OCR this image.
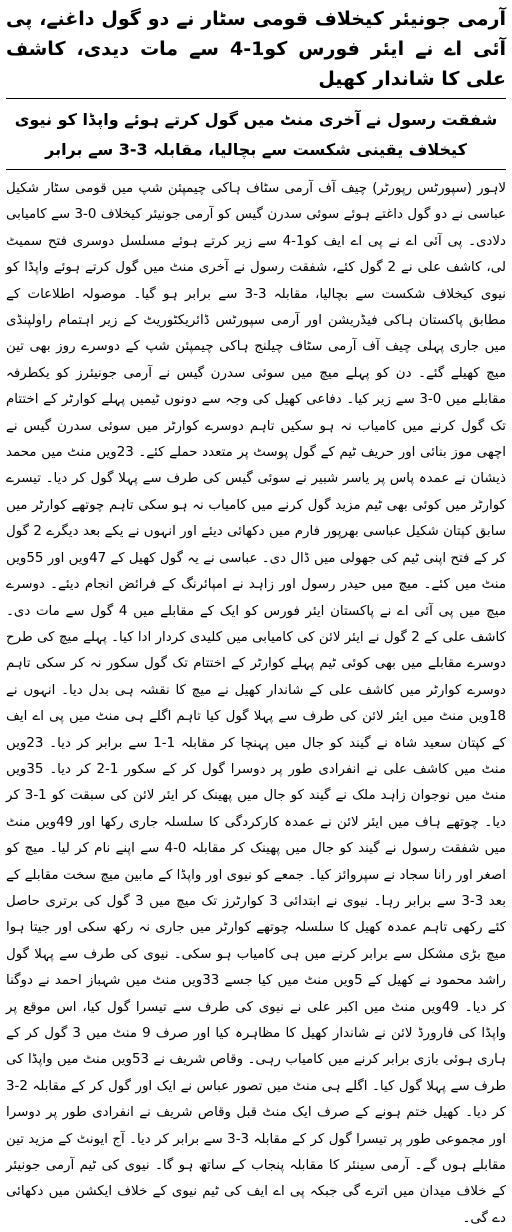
آرمی جونیئر کیخلاف قومی سٹار نے دو گول داغنے، پی آئی اے نے ایئر فورس کو1-4 سے مات دیدی، کاشف علی کا شاندار کھیل
شفقت رسول نے آخری منٹ میں گول کرتے ہوئے واپڈا کو نیوی کیخلاف یقینی شکست سے بچالیا، مقابلہ 3-3 سے برابر

لاہور (سپورٹس رپورٹر) چیف آف آرمی سٹاف ہاکی چیمپئن شپ میں قومی سٹار شکیل عباسی نے دو گول داغتے ہوئے سوئی سدرن گیس کو آرمی جونیئر کیخلاف 0-3 سے کامیابی دلادی۔ پی آئی اے نے پی اے ایف کو1-4 سے زیر کرتے ہوئے مسلسل دوسری فتح سمیٹ لی، کاشف علی نے 2 گول کئے، شفقت رسول نے آخری منٹ میں گول کرتے ہوئے واپڈا کو نیوی کیخلاف شکست سے بچالیا، مقابلہ 3-3 سے برابر ہو گیا۔ موصولہ اطلاعات کے مطابق پاکستان ہاکی فیڈریشن اور آرمی سپورٹس ڈائریکٹوریٹ کے زیر اہتمام راولپنڈی میں جاری پہلی چیف آف آرمی سٹاف چیلنج ہاکی چیمپئن شپ کے دوسرے روز بھی تین میچ کھیلے گئے۔ دن کو پہلے میچ میں سوئی سدرن گیس نے آرمی جونیئرز کو یکطرفہ مقابلے میں 0-3 سے زیر کیا۔ دفاعی کھیل کی وجہ سے دونوں ٹیمیں پہلے کوارٹر کے اختتام تک گول کرنے میں کامیاب نہ ہو سکیں تاہم دوسرے کوارٹر میں سوئی سدرن گیس نے اچھی موز بنائی اور حریف ٹیم کے گول پوسٹ پر متعدد حملے کئے۔ 23ویں منٹ میں محمد ذیشان نے عمدہ پاس پر یاسر شبیر نے سوئی گیس کی طرف سے پہلا گول کر دیا۔ تیسرے کوارٹر میں کوئی بھی ٹیم مزید گول کرنے میں کامیاب نہ ہو سکی تاہم چوتھے کوارٹر میں سابق کپتان شکیل عباسی بھرپور فارم میں دکھائی دیئے اور انہوں نے یکے بعد دیگرے 2 گول کر کے فتح اپنی ٹیم کی جھولی میں ڈال دی۔ عباسی نے یہ گول کھیل کے 47ویں اور 55ویں منٹ میں کئے۔ میچ میں حیدر رسول اور زاہد نے امپائرنگ کے فرائض انجام دیئے۔ دوسرے میچ میں پی آئی اے نے پاکستان ایئر فورس کو ایک کے مقابلے میں 4 گول سے مات دی۔ کاشف علی کے 2 گول نے ایئر لائن کی کامیابی میں کلیدی کردار ادا کیا۔ پہلے میچ کی طرح دوسرے مقابلے میں بھی کوئی ٹیم پہلے کوارٹر کے اختتام تک گول سکور نہ کر سکی تاہم دوسرے کوارٹر میں کاشف علی کے شاندار کھیل نے میچ کا نقشہ ہی بدل دیا۔ انہوں نے 18ویں منٹ میں ایئر لائن کی طرف سے پہلا گول کیا تاہم اگلے ہی منٹ میں پی اے ایف کے کپتان سعید شاہ نے گیند کو جال میں پہنچا کر مقابلہ 1-1 سے برابر کر دیا۔ 23ویں منٹ میں کاشف علی نے انفرادی طور پر دوسرا گول کر کے سکور 1-2 کر دیا۔ 35ویں منٹ میں نوجوان زاہد ملک نے گیند کو جال میں پھینک کر ایئر لائن کی سبقت کو 1-3 کر دیا۔ چوتھے ہاف میں ایئر لائن نے عمدہ کارکردگی کا سلسلہ جاری رکھا اور 49ویں منٹ میں شفقت رسول نے گیند کو جال میں پھینک کر مقابلہ 0-4 سے اپنے نام کر لیا۔ میچ کو اصغر اور رانا سجاد نے سپروائز کیا۔ جمعے کو نیوی اور واپڈا کے مابین میچ سخت مقابلے کے بعد 3-3 سے برابر رہا۔ نیوی نے ابتدائی 3 کوارٹرز تک میچ میں 3 گول کی برتری حاصل کئے رکھی تاہم عمدہ کھیل کا سلسلہ چوتھے کوارٹر میں جاری نہ رکھ سکی اور جیتا ہوا میچ بڑی مشکل سے برابر کرنے میں ہی کامیاب ہو سکی۔ نیوی کی طرف سے پہلا گول راشد محمود نے کھیل کے 5ویں منٹ میں کیا جسے 33ویں منٹ میں شہباز احمد نے دوگنا کر دیا۔ 49ویں منٹ میں اکبر علی نے نیوی کی طرف سے تیسرا گول کیا، اس موقع پر واپڈا کی فارورڈ لائن نے شاندار کھیل کا مظاہرہ کیا اور صرف 9 منٹ میں 3 گول کر کے ہاری ہوئی بازی برابر کرنے میں کامیاب رہی۔ وقاص شریف نے 53ویں منٹ میں واپڈا کی طرف سے پہلا گول کیا۔ اگلے ہی منٹ میں تصور عباس نے ایک اور گول کر کے مقابلہ 2-3 کر دیا۔ کھیل ختم ہونے کے صرف ایک منٹ قبل وقاص شریف نے انفرادی طور پر دوسرا اور مجموعی طور پر تیسرا گول کر کے مقابلہ 3-3 سے برابر کر دیا۔ آج ایونٹ کے مزید تین مقابلے ہوں گے۔ آرمی سینئر کا مقابلہ پنجاب کے ساتھ ہو گا۔ نیوی کی ٹیم آرمی جونیئر کے خلاف میدان میں اترے گی جبکہ پی اے ایف کی ٹیم نیوی کے خلاف ایکشن میں دکھائی دے گی۔
